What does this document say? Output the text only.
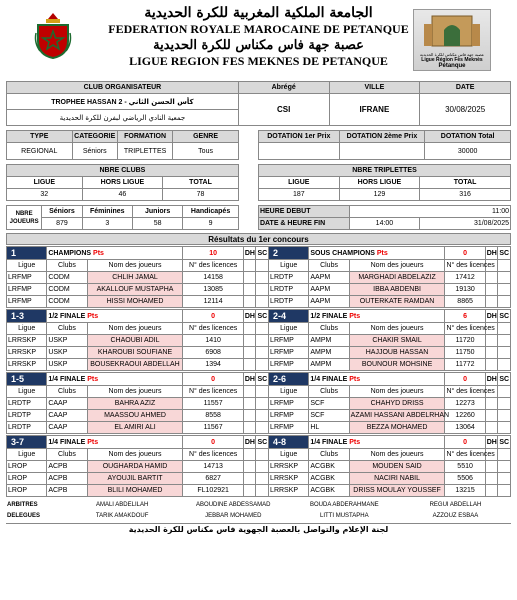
الجامعة الملكية المغربية للكرة الحديدية
FEDERATION ROYALE MAROCAINE DE PETANQUE
عصبة جهة فاس مكناس للكرة الحديدية
LIGUE REGION FES MEKNES DE PETANQUE	عصبة جهة فاس مكناس للكرة الحديدية
Ligue Région Fès Meknès
Pétanque
CLUB ORGANISATEUR	Abrégé	VILLE	DATE
TROPHEE HASSAN 2 - كأس الحسن الثاني	CSI	IFRANE	30/08/2025
جمعية النادي الرياضي لبفرن للكرة الحديدية			
TYPE	CATEGORIE	FORMATION	GENRE		DOTATION 1er Prix	DOTATION 2ème Prix	DOTATION Total
REGIONAL	Séniors	TRIPLETTES	Tous				30000
NBRE CLUBS				NBRE TRIPLETTES		
LIGUE	HORS LIGUE	TOTAL		LIGUE	HORS LIGUE	TOTAL
32	46	78		187	129	316
NBRE
JOUEURS	Séniors	Féminines	Juniors	Handicapés		HEURE DEBUT		11:00
	879	3	58	9		DATE & HEURE FIN	14:00	31/08/2025
Résultats du 1er concours
1	CHAMPIONS Pts		10	DH	SC	2	SOUS CHAMPIONS Pts		0	DH	SC
Ligue	Clubs	Nom des joueurs	N° des licences			Ligue	Clubs	Nom des joueurs	N° des licences		
LRFMP	CODM	CHLIH JAMAL	14158			LRDTP	AAPM	MARGHADI ABDELAZIZ	17412		
LRFMP	CODM	AKALLOUF MUSTAPHA	13085			LRDTP	AAPM	IBBA ABDENBI	19130		
LRFMP	CODM	HISSI MOHAMED	12114			LRDTP	AAPM	OUTERKATE RAMDAN	8865		
1-3	1/2 FINALE Pts		0	DH	SC	2-4	1/2 FINALE Pts		6	DH	SC
Ligue	Clubs	Nom des joueurs	N° des licences			Ligue	Clubs	Nom des joueurs	N° des licences		
LRRSKP	USKP	CHAOUBI ADIL	1410			LRFMP	AMPM	CHAKIR SMAIL	11720		
LRRSKP	USKP	KHAROUBI SOUFIANE	6908			LRFMP	AMPM	HAJJOUB HASSAN	11750		
LRRSKP	USKP	BOUSEKRAOUI ABDELLAH	1394			LRFMP	AMPM	BOUNOUR MOHSINE	11772		
1-5	1/4 FINALE Pts		0	DH	SC	2-6	1/4 FINALE Pts		0	DH	SC
Ligue	Clubs	Nom des joueurs	N° des licences			Ligue	Clubs	Nom des joueurs	N° des licences		
LRDTP	CAAP	BAHRA AZIZ	11557			LRFMP	SCF	CHAHYD DRISS	12273		
LRDTP	CAAP	MAASSOU AHMED	8558			LRFMP	SCF	AZAMI HASSANI ABDELRHAN	12260		
LRDTP	CAAP	EL AMIRI ALI	11567			LRFMP	HL	BEZZA MOHAMED	13064		
3-7	1/4 FINALE Pts		0	DH	SC	4-8	1/4 FINALE Pts		0	DH	SC
Ligue	Clubs	Nom des joueurs	N° des licences			Ligue	Clubs	Nom des joueurs	N° des licences		
LROP	ACPB	OUGHARDA HAMID	14713			LRRSKP	ACGBK	MOUDEN SAID	5510		
LROP	ACPB	AYOUJIL BARTIT	6827			LRRSKP	ACGBK	NACIRI NABIL	5506		
LROP	ACPB	BLILI MOHAMED	FL102921			LRRSKP	ACGBK	DRISS MOULAY YOUSSEF	13215		
ARBITRES	AMALI ABDELILAH	ABOUDINE ABDESSAMAD	BOUDA ABDERAHMANE	REGUI ABDELLAH
DELEGUES	TARIK AMAKDOUF	JEBBAR MOHAMED	LITTI MUSTAPHA	AZZOUZ ESBAA
لجنة الإعلام والتواصل بالعصبة الجهوية فاس مكناس للكرة الحديدية
